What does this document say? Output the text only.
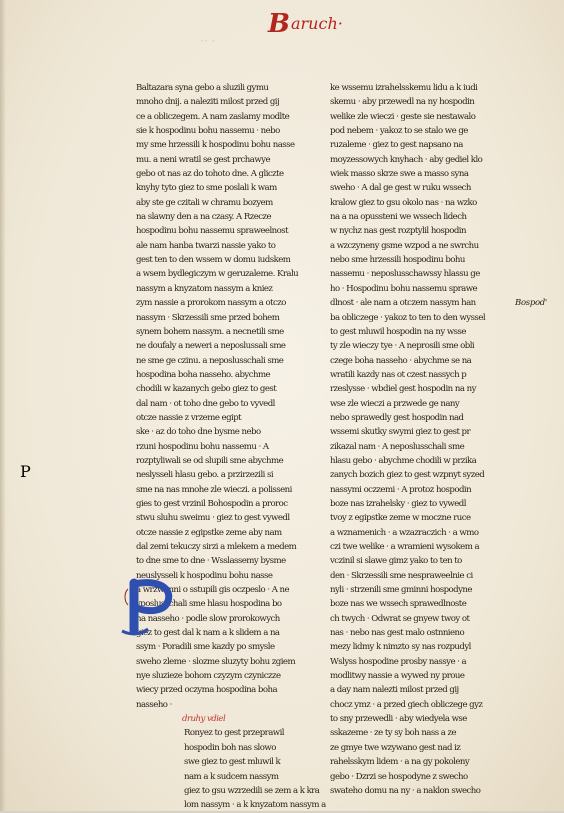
·· ·
Baruch·
Baltazara syna gebo a sluzili gymu
mnoho dnij. a naleziti milost przed gij
ce a obliczegem. A nam zaslamy modlte
sie k hospodinu bohu nassemu · nebo
my sme hrzessili k hospodinu bohu nasse
mu. a neni wratil se gest prchawye
gebo ot nas az do tohoto dne. A gliczte
knyhy tyto giez to sme poslali k wam
aby ste ge czitali w chramu bozyem
na slawny den a na czasy. A Rzecze
hospodinu bohu nassemu spraweelnost
ale nam hanba twarzi nassie yako to
gest ten to den wssem w domu iudskem
a wsem bydlegiczym w geruzaleme. Kralu
nassym a knyzatom nassym a kniez
zym nassie a prorokom nassym a otczo
nassym · Skrzessili sme przed bohem
synem bohem nassym. a necnetili sme
ne doufaly a neweri a neposlussali sme
ne sme ge czinu. a neposlusschali sme
hospodina boha nasseho. abychme
chodili w kazanych gebo giez to gest
dal nam · ot toho dne gebo to vyvedl
otcze nassie z vrzeme egipt
ske · az do toho dne bysme nebo
rzuni hospodinu bohu nassemu · A
rozptyliwali se od slupili sme abychme
neslysseli hlasu gebo. a przirzezili si
sme na nas mnohe zle wieczi. a polisseni
gies to gest vrzinil Bohospodin a proroc
stwu sluhu sweimu · giez to gest vywedl
otcze nassie z egipstke zeme aby nam
dal zemi tekuczy sirzi a mlekem a medem
to dne sme to dne · Wsslassemy bysme
neuslysseli k hospodinu bohu nasse
a wrzwenni o sstupili gis oczpeslo · A ne
vposlusschali sme hlasu hospodina bo
ha nasseho · podle slow prorokowych
giez to gest dal k nam a k slidem a na
ssym · Poradili sme kazdy po smysle
sweho zleme · slozme sluzyty bohu zgiem
nye sluzieze bohom czyzym czyniczze
wiecy przed oczyma hospodina boha
nasseho ·
druhy vdiel
Ronyez to gest przeprawil
hospodin boh nas slowo
swe giez to gest mluwil k
nam a k sudcem nassym
giez to gsu wzrzedili se zem a k kra
lom nassym · a k knyzatom nassym a
P
ke wssemu izrahelsskemu lidu a k iudi
skemu · aby przewedl na ny hospodin
welike zle wieczi · geste sie nestawalo
pod nebem · yakoz to se stalo we ge
ruzaleme · giez to gest napsano na
moyzessowych knyhach · aby gediel klo
wiek masso skrze swe a masso syna
sweho · A dal ge gest w ruku wssech
kralow giez to gsu okolo nas · na wzko
na a na opussteni we wssech lidech
w nychz nas gest rozptylil hospodin
a wzczyneny gsme wzpod a ne swrchu
nebo sme hrzessili hospodinu bohu
nassemu · neposlusschawssy hlassu ge
ho · Hospodinu bohu nassemu sprawe
dlnost · ale nam a otczem nassym han
ba obliczege · yakoz to ten to den wyssel
to gest mluwil hospodin na ny wsse
ty zle wieczy tye · A neprosili sme obli
czege boha nasseho · abychme se na
wratili kazdy nas ot czest nassych p
rzeslysse · wbdiel gest hospodin na ny
wse zle wieczi a przwede ge nany
nebo sprawedly gest hospodin nad
wssemi skutky swymi giez to gest pr
zikazal nam · A neposlusschali sme
hlasu gebo · abychme chodili w przika
zanych bozich giez to gest wzpnyt syzed
nassymi oczzemi · A protoz hospodin
boze nas izrahelsky · giez to vywedl
tvoy z egipstke zeme w moczne ruce
a wznamenich · a wzazraczich · a wmo
czi twe welike · a wramieni wysokem a
vczinil si slawe gimz yako to ten to
den · Skrzessili sme nespraweelnie ci
nyli · strzenili sme gminni hospodyne
boze nas we wssech sprawedlnoste
ch twych · Odwrat se gnyew twoy ot
nas · nebo nas gest malo ostnnieno
mezy lidmy k nimzto sy nas rozpudyl
Wslyss hospodine prosby nassye · a
modlitwy nassie a wywed ny proue
a day nam nalezti milost przed gij
chocz ymz · a przed giech obliczege gyz
to sny przewedli · aby wiedyela wse
sskazeme · ze ty sy boh nass a ze
ze gmye twe wzywano gest nad iz
rahelsskym lidem · a na gy pokoleny
gebo · Dzrzi se hospodyne z swecho
swateho domu na ny · a naklon swecho
Bospod'
